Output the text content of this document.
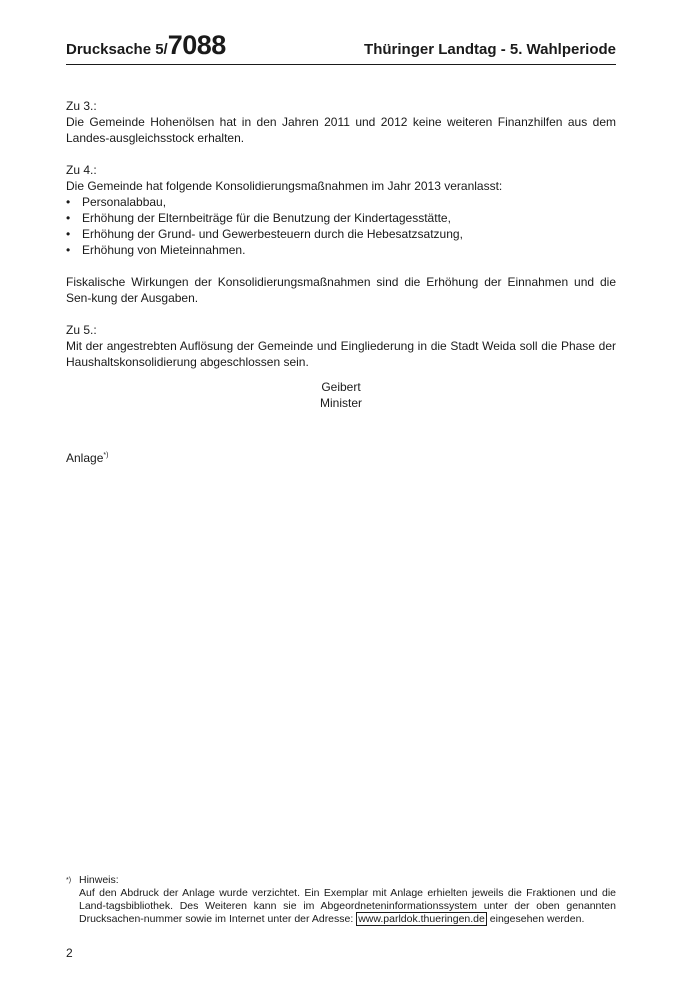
Drucksache 5/7088	Thüringer Landtag - 5. Wahlperiode

Zu 3.:

Die Gemeinde Hohenölsen hat in den Jahren 2011 und 2012 keine weiteren Finanzhilfen aus dem Landes-ausgleichsstock erhalten.

Zu 4.:

Die Gemeinde hat folgende Konsolidierungsmaßnahmen im Jahr 2013 veranlasst:

• Personalabbau,
• Erhöhung der Elternbeiträge für die Benutzung der Kindertagesstätte,
• Erhöhung der Grund- und Gewerbesteuern durch die Hebesatzsatzung,
• Erhöhung von Mieteinnahmen.

Fiskalische Wirkungen der Konsolidierungsmaßnahmen sind die Erhöhung der Einnahmen und die Sen-kung der Ausgaben.

Zu 5.:

Mit der angestrebten Auflösung der Gemeinde und Eingliederung in die Stadt Weida soll die Phase der Haushaltskonsolidierung abgeschlossen sein.

Geibert
Minister
Anlage*)
*) Hinweis:

Auf den Abdruck der Anlage wurde verzichtet. Ein Exemplar mit Anlage erhielten jeweils die Fraktionen und die Land-tagsbibliothek. Des Weiteren kann sie im Abgeordneteninformationssystem unter der oben genannten Drucksachen-nummer sowie im Internet unter der Adresse: www.parldok.thueringen.de eingesehen werden.

2
